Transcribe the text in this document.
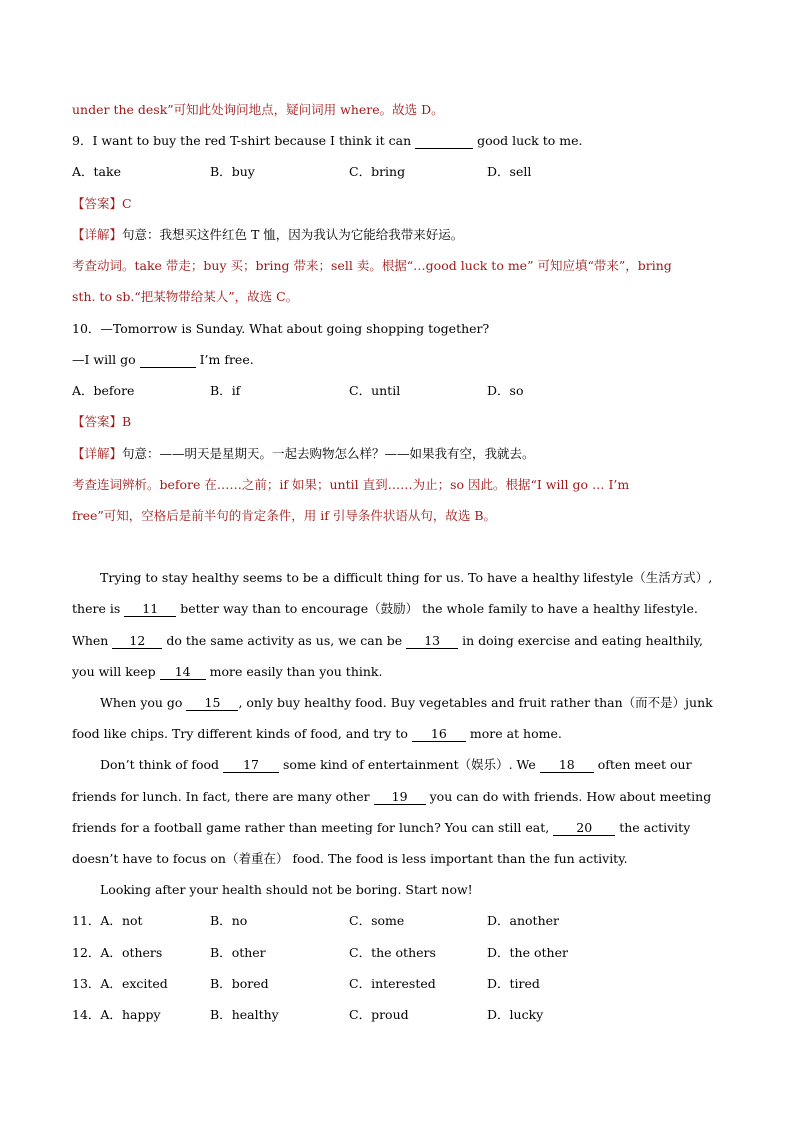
under the desk”可知此处询问地点，疑问词用 where。故选 D。
9．I want to buy the red T-shirt because I think it can	good luck to me.
A．take	B．buy	C．bring	D．sell
【答案】C
【详解】句意：我想买这件红色 T 恤，因为我认为它能给我带来好运。
考查动词。take 带走；buy 买；bring 带来；sell 卖。根据“…good luck to me” 可知应填“带来”，bring
sth. to sb.“把某物带给某人”，故选 C。
10．—Tomorrow is Sunday. What about going shopping together?
—I will go	I’m free.
A．before	B．if	C．until	D．so
【答案】B
【详解】句意：——明天是星期天。一起去购物怎么样？——如果我有空，我就去。
考查连词辨析。before 在……之前；if 如果；until 直到……为止；so 因此。根据“I will go … I’m
free”可知，空格后是前半句的肯定条件，用 if 引导条件状语从句，故选 B。
Trying to stay healthy seems to be a difficult thing for us. To have a healthy lifestyle（生活方式）,
there is 11 better way than to encourage（鼓励） the whole family to have a healthy lifestyle.
When 12 do the same activity as us, we can be 13 in doing exercise and eating healthily,
you will keep 14 more easily than you think.
When you go 15 , only buy healthy food. Buy vegetables and fruit rather than（而不是）junk
food like chips. Try different kinds of food, and try to 16 more at home.
Don’t think of food 17 some kind of entertainment（娱乐）. We 18 often meet our
friends for lunch. In fact, there are many other 19 you can do with friends. How about meeting
friends for a football game rather than meeting for lunch? You can still eat, 20 the activity
doesn’t have to focus on（着重在） food. The food is less important than the fun activity.
Looking after your health should not be boring. Start now!
11．A．not	B．no	C．some	D．another
12．A．others	B．other	C．the others	D．the other
13．A．excited	B．bored	C．interested	D．tired
14．A．happy	B．healthy	C．proud	D．lucky
